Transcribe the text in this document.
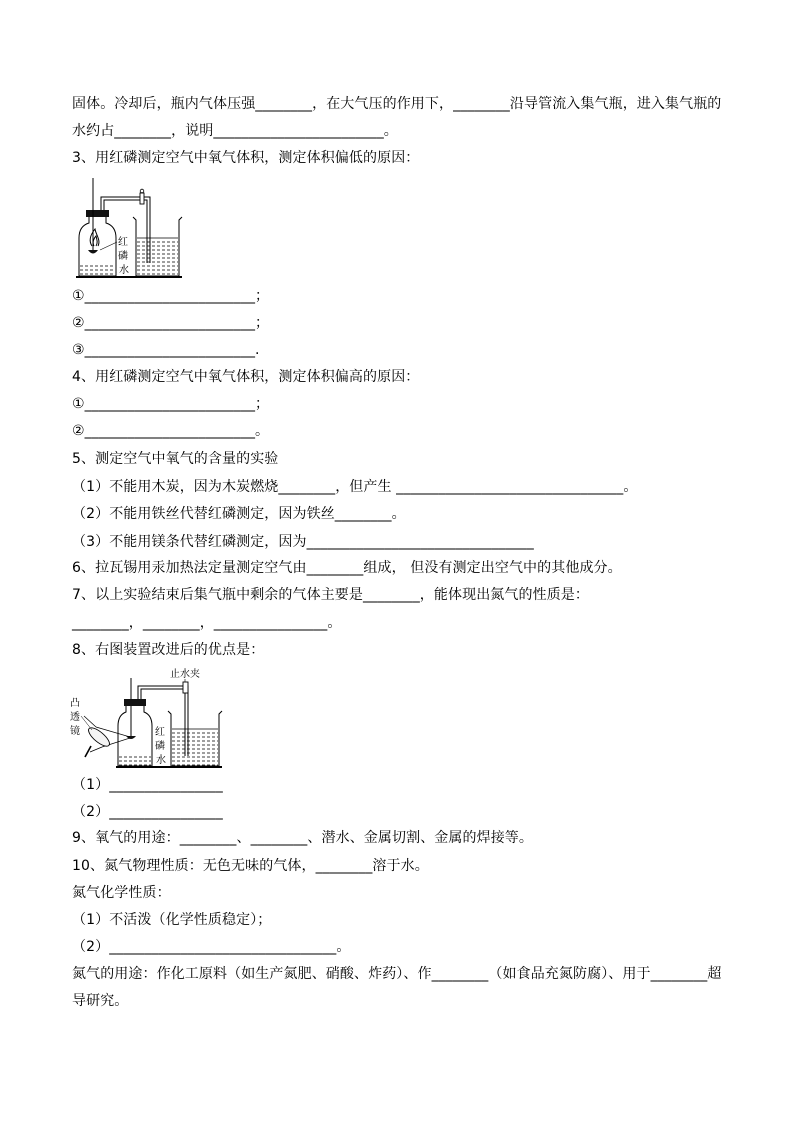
固体。冷却后，瓶内气体压强________，在大气压的作用下，________沿导管流入集气瓶，进入集气瓶的
水约占________，说明________________________。
3、用红磷测定空气中氧气体积，测定体积偏低的原因：
红
磷
水
①________________________；
②________________________；
③________________________.
4、用红磷测定空气中氧气体积，测定体积偏高的原因：
①________________________；
②________________________。
5、测定空气中氧气的含量的实验
（1）不能用木炭，因为木炭燃烧________，但产生 ________________________________。
（2）不能用铁丝代替红磷测定，因为铁丝________。
（3）不能用镁条代替红磷测定，因为________________________________
6、拉瓦锡用汞加热法定量测定空气由________组成， 但没有测定出空气中的其他成分。
7、以上实验结束后集气瓶中剩余的气体主要是________，能体现出氮气的性质是：
________，________，________________。
8、右图装置改进后的优点是：
止水夹
凸
透
镜	红
磷
水
（1）________________
（2）________________
9、氧气的用途：________、________、潜水、金属切割、金属的焊接等。
10、氮气物理性质：无色无味的气体，________溶于水。
氮气化学性质：
（1）不活泼（化学性质稳定）；
（2）________________________________。
氮气的用途：作化工原料（如生产氮肥、硝酸、炸药）、作________（如食品充氮防腐）、用于________超
导研究。
